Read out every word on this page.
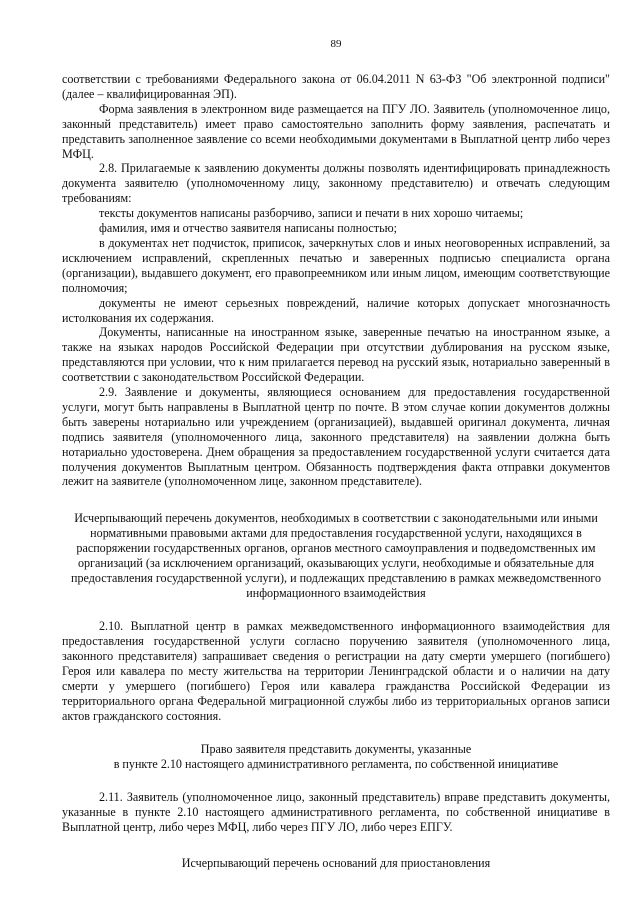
89

соответствии с требованиями Федерального закона от 06.04.2011 N 63-ФЗ "Об электронной подписи" (далее – квалифицированная ЭП).

Форма заявления в электронном виде размещается на ПГУ ЛО. Заявитель (уполномоченное лицо, законный представитель) имеет право самостоятельно заполнить форму заявления, распечатать и представить заполненное заявление со всеми необходимыми документами в Выплатной центр либо через МФЦ.

2.8. Прилагаемые к заявлению документы должны позволять идентифицировать принадлежность документа заявителю (уполномоченному лицу, законному представителю) и отвечать следующим требованиям:

тексты документов написаны разборчиво, записи и печати в них хорошо читаемы;

фамилия, имя и отчество заявителя написаны полностью;

в документах нет подчисток, приписок, зачеркнутых слов и иных неоговоренных исправлений, за исключением исправлений, скрепленных печатью и заверенных подписью специалиста органа (организации), выдавшего документ, его правопреемником или иным лицом, имеющим соответствующие полномочия;

документы не имеют серьезных повреждений, наличие которых допускает многозначность истолкования их содержания.

Документы, написанные на иностранном языке, заверенные печатью на иностранном языке, а также на языках народов Российской Федерации при отсутствии дублирования на русском языке, представляются при условии, что к ним прилагается перевод на русский язык, нотариально заверенный в соответствии с законодательством Российской Федерации.

2.9. Заявление и документы, являющиеся основанием для предоставления государственной услуги, могут быть направлены в Выплатной центр по почте. В этом случае копии документов должны быть заверены нотариально или учреждением (организацией), выдавшей оригинал документа, личная подпись заявителя (уполномоченного лица, законного представителя) на заявлении должна быть нотариально удостоверена. Днем обращения за предоставлением государственной услуги считается дата получения документов Выплатным центром. Обязанность подтверждения факта отправки документов лежит на заявителе (уполномоченном лице, законном представителе).

Исчерпывающий перечень документов, необходимых в соответствии с законодательными или иными нормативными правовыми актами для предоставления государственной услуги, находящихся в распоряжении государственных органов, органов местного самоуправления и подведомственных им организаций (за исключением организаций, оказывающих услуги, необходимые и обязательные для предоставления государственной услуги), и подлежащих представлению в рамках межведомственного информационного взаимодействия

2.10. Выплатной центр в рамках межведомственного информационного взаимодействия для предоставления государственной услуги согласно поручению заявителя (уполномоченного лица, законного представителя) запрашивает сведения о регистрации на дату смерти умершего (погибшего) Героя или кавалера по месту жительства на территории Ленинградской области и о наличии на дату смерти у умершего (погибшего) Героя или кавалера гражданства Российской Федерации из территориального органа Федеральной миграционной службы либо из территориальных органов записи актов гражданского состояния.

Право заявителя представить документы, указанные

в пункте 2.10 настоящего административного регламента, по собственной инициативе

2.11. Заявитель (уполномоченное лицо, законный представитель) вправе представить документы, указанные в пункте 2.10 настоящего административного регламента, по собственной инициативе в Выплатной центр, либо через МФЦ, либо через ПГУ ЛО, либо через ЕПГУ.

Исчерпывающий перечень оснований для приостановления
